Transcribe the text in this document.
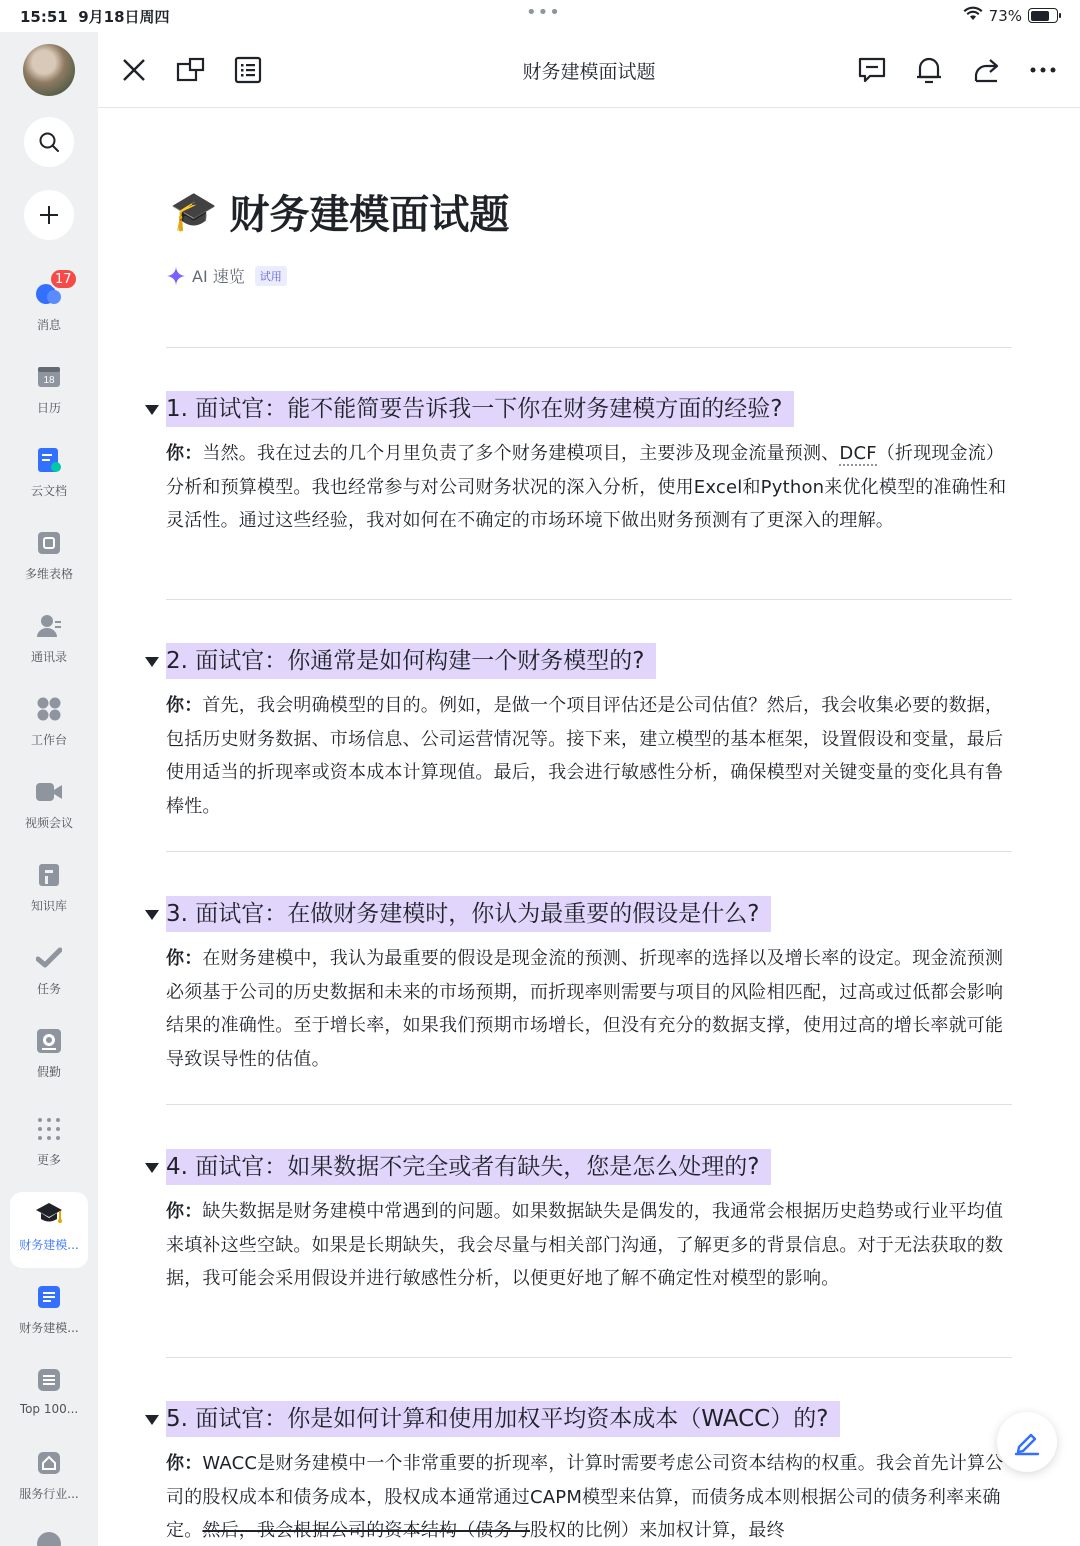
15:51 9月18日周四	•••	73%
17
消息
18
日历
云文档
多维表格
通讯录
工作台
视频会议
知识库
任务
假勤
更多
财务建模...
财务建模...
Top 100...
服务行业...
财务建模面试题
🎓 财务建模面试题
AI 速览	试用
1. 面试官：能不能简要告诉我一下你在财务建模方面的经验?
你：当然。我在过去的几个月里负责了多个财务建模项目，主要涉及现金流量预测、DCF（折现现金流）分析和预算模型。我也经常参与对公司财务状况的深入分析，使用Excel和Python来优化模型的准确性和灵活性。通过这些经验，我对如何在不确定的市场环境下做出财务预测有了更深入的理解。
2. 面试官：你通常是如何构建一个财务模型的?
你：首先，我会明确模型的目的。例如，是做一个项目评估还是公司估值？然后，我会收集必要的数据，包括历史财务数据、市场信息、公司运营情况等。接下来，建立模型的基本框架，设置假设和变量，最后使用适当的折现率或资本成本计算现值。最后，我会进行敏感性分析，确保模型对关键变量的变化具有鲁棒性。
3. 面试官：在做财务建模时，你认为最重要的假设是什么?
你：在财务建模中，我认为最重要的假设是现金流的预测、折现率的选择以及增长率的设定。现金流预测必须基于公司的历史数据和未来的市场预期，而折现率则需要与项目的风险相匹配，过高或过低都会影响结果的准确性。至于增长率，如果我们预期市场增长，但没有充分的数据支撑，使用过高的增长率就可能导致误导性的估值。
4. 面试官：如果数据不完全或者有缺失，您是怎么处理的?
你：缺失数据是财务建模中常遇到的问题。如果数据缺失是偶发的，我通常会根据历史趋势或行业平均值来填补这些空缺。如果是长期缺失，我会尽量与相关部门沟通，了解更多的背景信息。对于无法获取的数据，我可能会采用假设并进行敏感性分析，以便更好地了解不确定性对模型的影响。
5. 面试官：你是如何计算和使用加权平均资本成本（WACC）的?
你：WACC是财务建模中一个非常重要的折现率，计算时需要考虑公司资本结构的权重。我会首先计算公司的股权成本和债务成本，股权成本通常通过CAPM模型来估算，而债务成本则根据公司的债务利率来确定。然后，我会根据公司的资本结构（债务与股权的比例）来加权计算，最终
